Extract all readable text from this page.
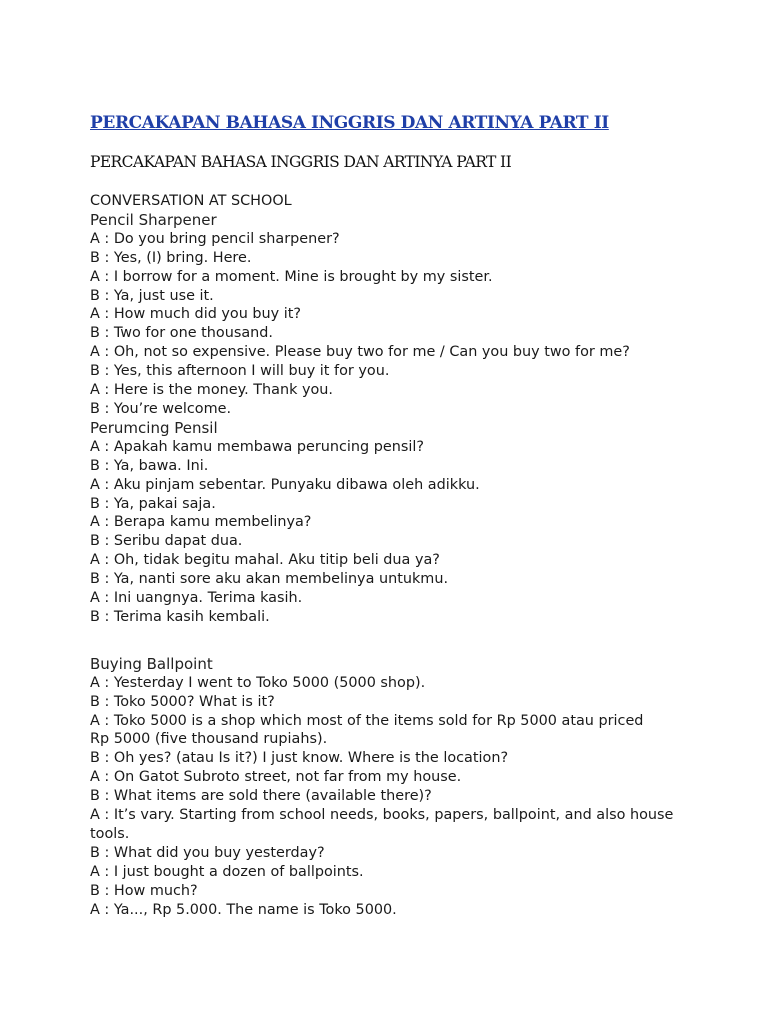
PERCAKAPAN BAHASA INGGRIS DAN ARTINYA PART II

PERCAKAPAN BAHASA INGGRIS DAN ARTINYA PART II

CONVERSATION AT SCHOOL
Pencil Sharpener
A : Do you bring pencil sharpener?
B : Yes, (I) bring. Here.
A : I borrow for a moment. Mine is brought by my sister.
B : Ya, just use it.
A : How much did you buy it?
B : Two for one thousand.
A : Oh, not so expensive. Please buy two for me / Can you buy two for me?
B : Yes, this afternoon I will buy it for you.
A : Here is the money. Thank you.
B : You’re welcome.
Perumcing Pensil
A : Apakah kamu membawa peruncing pensil?
B : Ya, bawa. Ini.
A : Aku pinjam sebentar. Punyaku dibawa oleh adikku.
B : Ya, pakai saja.
A : Berapa kamu membelinya?
B : Seribu dapat dua.
A : Oh, tidak begitu mahal. Aku titip beli dua ya?
B : Ya, nanti sore aku akan membelinya untukmu.
A : Ini uangnya. Terima kasih.
B : Terima kasih kembali.
Buying Ballpoint
A : Yesterday I went to Toko 5000 (5000 shop).
B : Toko 5000? What is it?
A : Toko 5000 is a shop which most of the items sold for Rp 5000 atau priced Rp 5000 (five thousand rupiahs).
B : Oh yes? (atau Is it?) I just know. Where is the location?
A : On Gatot Subroto street, not far from my house.
B : What items are sold there (available there)?
A : It’s vary. Starting from school needs, books, papers, ballpoint, and also house tools.
B : What did you buy yesterday?
A : I just bought a dozen of ballpoints.
B : How much?
A : Ya..., Rp 5.000. The name is Toko 5000.
